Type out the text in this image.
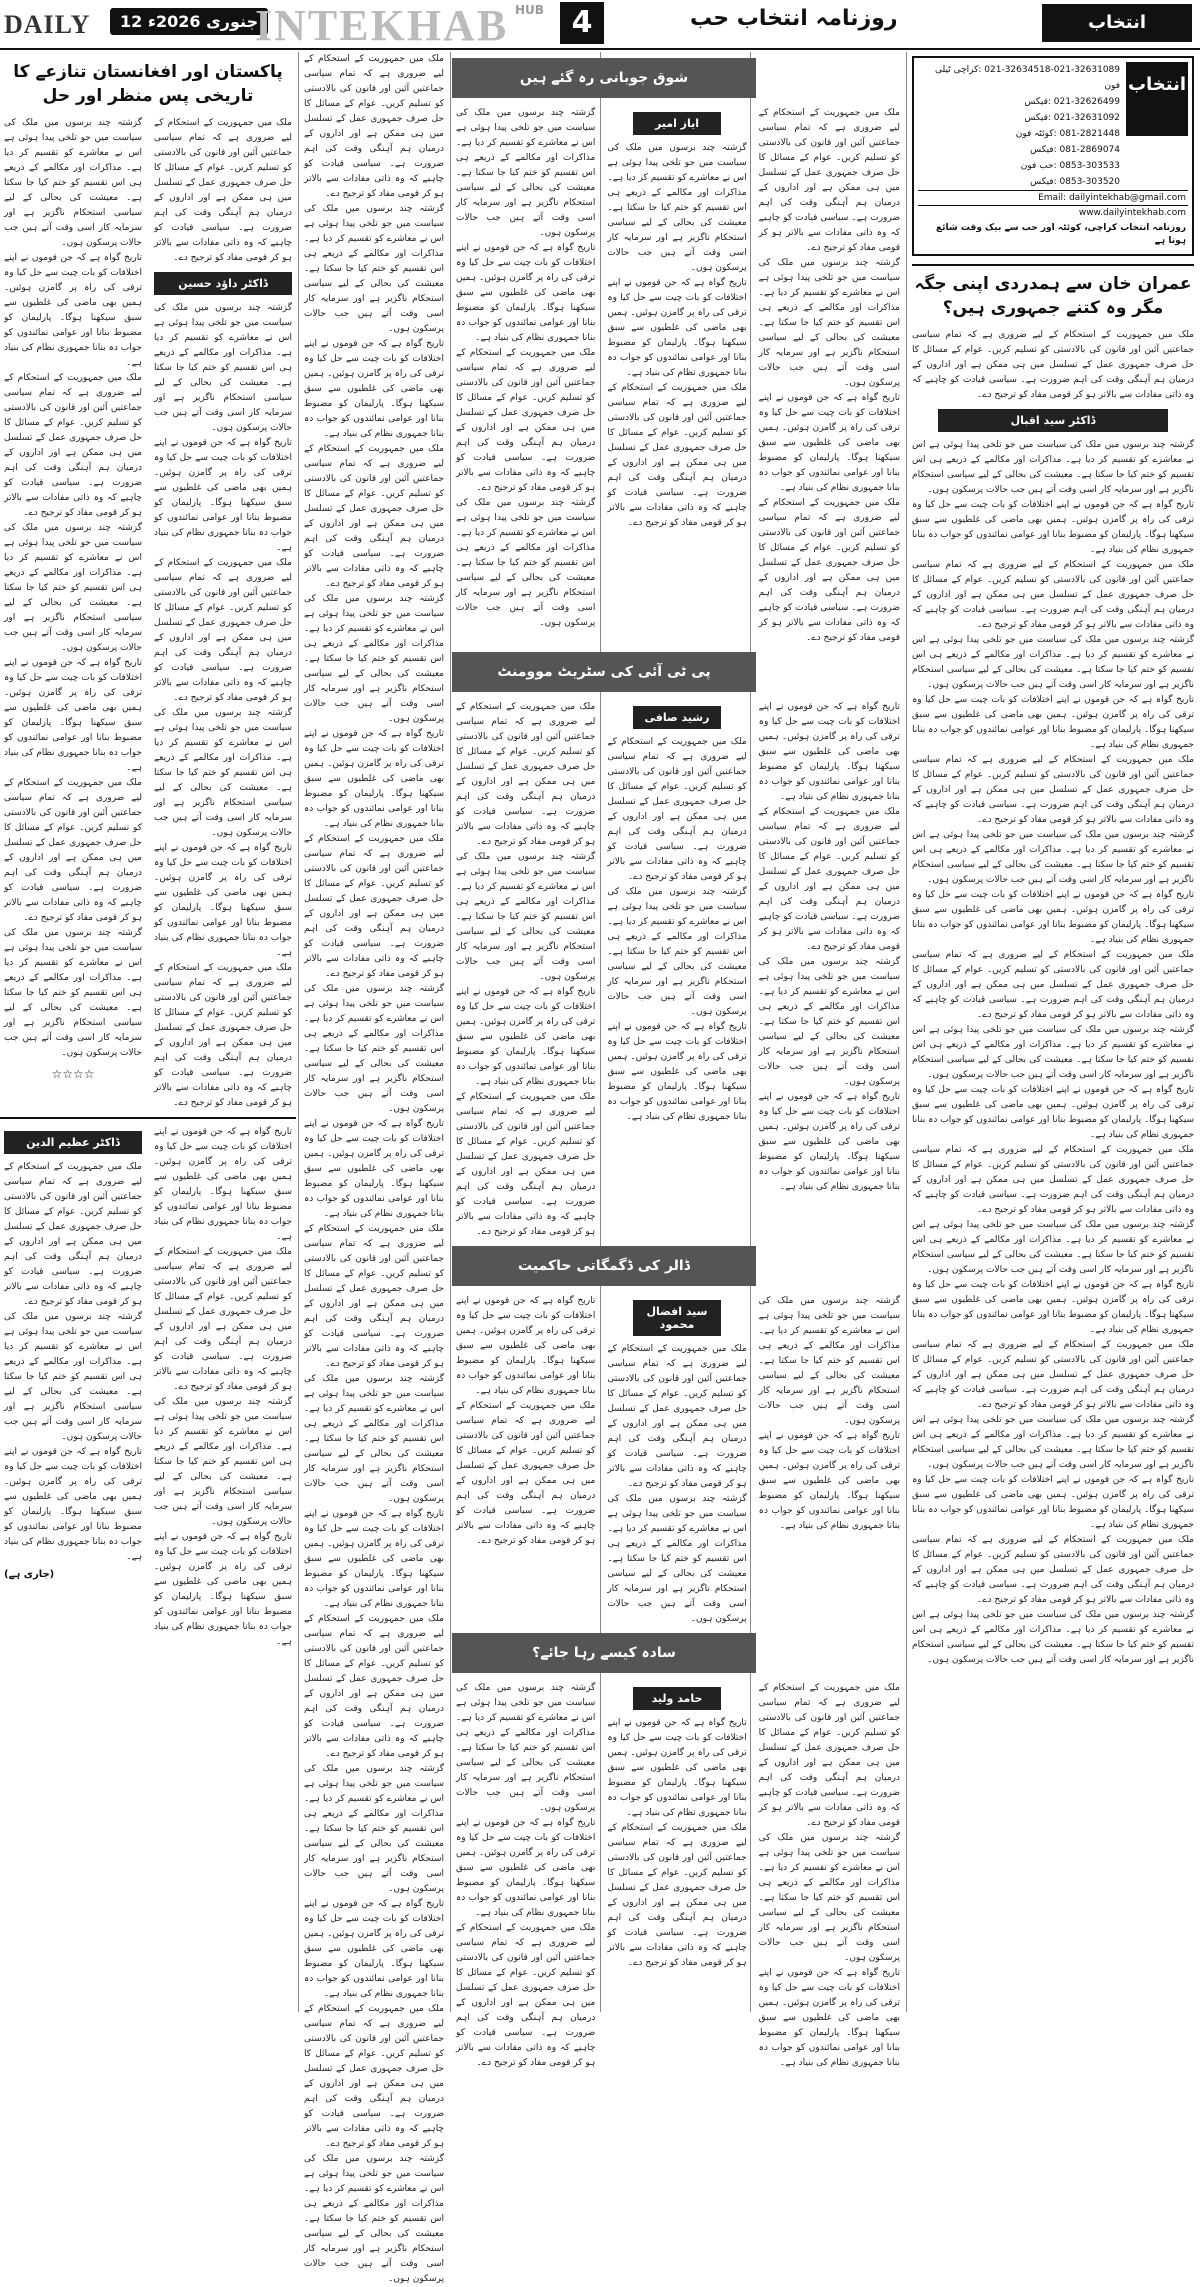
DAILY	12 جنوری 2026ء
INTEKHAB HUB 4	روزنامہ انتخاب حب	انتخاب
انتخاب
021-32634518-021-32631089 :کراچی ٹیلی فون
021-32626499 :فیکس
021-32631092 :فیکس
081-2821448 :کوئٹہ فون
081-2869074 :فیکس
0853-303533 :حب فون
0853-303520 :فیکس
Email: dailyintekhab@gmail.com
www.dailyintekhab.com
روزنامہ انتخاب کراچی، کوئٹہ اور حب سے بیک وقت شائع ہوتا ہے
عمران خان سے ہمدردی اپنی جگہ مگر وہ کتنے جمہوری ہیں؟

ملک میں جمہوریت کے استحکام کے لیے ضروری ہے کہ تمام سیاسی جماعتیں آئین اور قانون کی بالادستی کو تسلیم کریں۔ عوام کے مسائل کا حل صرف جمہوری عمل کے تسلسل میں ہی ممکن ہے اور اداروں کے درمیان ہم آہنگی وقت کی اہم ضرورت ہے۔ سیاسی قیادت کو چاہیے کہ وہ ذاتی مفادات سے بالاتر ہو کر قومی مفاد کو ترجیح دے۔

ڈاکٹر سید اقبال

گزشتہ چند برسوں میں ملک کی سیاست میں جو تلخی پیدا ہوئی ہے اس نے معاشرے کو تقسیم کر دیا ہے۔ مذاکرات اور مکالمے کے ذریعے ہی اس تقسیم کو ختم کیا جا سکتا ہے۔ معیشت کی بحالی کے لیے سیاسی استحکام ناگزیر ہے اور سرمایہ کار اسی وقت آتے ہیں جب حالات پرسکون ہوں۔

تاریخ گواہ ہے کہ جن قوموں نے اپنے اختلافات کو بات چیت سے حل کیا وہ ترقی کی راہ پر گامزن ہوئیں۔ ہمیں بھی ماضی کی غلطیوں سے سبق سیکھنا ہوگا۔ پارلیمان کو مضبوط بنانا اور عوامی نمائندوں کو جواب دہ بنانا جمہوری نظام کی بنیاد ہے۔

ملک میں جمہوریت کے استحکام کے لیے ضروری ہے کہ تمام سیاسی جماعتیں آئین اور قانون کی بالادستی کو تسلیم کریں۔ عوام کے مسائل کا حل صرف جمہوری عمل کے تسلسل میں ہی ممکن ہے اور اداروں کے درمیان ہم آہنگی وقت کی اہم ضرورت ہے۔ سیاسی قیادت کو چاہیے کہ وہ ذاتی مفادات سے بالاتر ہو کر قومی مفاد کو ترجیح دے۔

گزشتہ چند برسوں میں ملک کی سیاست میں جو تلخی پیدا ہوئی ہے اس نے معاشرے کو تقسیم کر دیا ہے۔ مذاکرات اور مکالمے کے ذریعے ہی اس تقسیم کو ختم کیا جا سکتا ہے۔ معیشت کی بحالی کے لیے سیاسی استحکام ناگزیر ہے اور سرمایہ کار اسی وقت آتے ہیں جب حالات پرسکون ہوں۔

تاریخ گواہ ہے کہ جن قوموں نے اپنے اختلافات کو بات چیت سے حل کیا وہ ترقی کی راہ پر گامزن ہوئیں۔ ہمیں بھی ماضی کی غلطیوں سے سبق سیکھنا ہوگا۔ پارلیمان کو مضبوط بنانا اور عوامی نمائندوں کو جواب دہ بنانا جمہوری نظام کی بنیاد ہے۔

ملک میں جمہوریت کے استحکام کے لیے ضروری ہے کہ تمام سیاسی جماعتیں آئین اور قانون کی بالادستی کو تسلیم کریں۔ عوام کے مسائل کا حل صرف جمہوری عمل کے تسلسل میں ہی ممکن ہے اور اداروں کے درمیان ہم آہنگی وقت کی اہم ضرورت ہے۔ سیاسی قیادت کو چاہیے کہ وہ ذاتی مفادات سے بالاتر ہو کر قومی مفاد کو ترجیح دے۔

گزشتہ چند برسوں میں ملک کی سیاست میں جو تلخی پیدا ہوئی ہے اس نے معاشرے کو تقسیم کر دیا ہے۔ مذاکرات اور مکالمے کے ذریعے ہی اس تقسیم کو ختم کیا جا سکتا ہے۔ معیشت کی بحالی کے لیے سیاسی استحکام ناگزیر ہے اور سرمایہ کار اسی وقت آتے ہیں جب حالات پرسکون ہوں۔

تاریخ گواہ ہے کہ جن قوموں نے اپنے اختلافات کو بات چیت سے حل کیا وہ ترقی کی راہ پر گامزن ہوئیں۔ ہمیں بھی ماضی کی غلطیوں سے سبق سیکھنا ہوگا۔ پارلیمان کو مضبوط بنانا اور عوامی نمائندوں کو جواب دہ بنانا جمہوری نظام کی بنیاد ہے۔

ملک میں جمہوریت کے استحکام کے لیے ضروری ہے کہ تمام سیاسی جماعتیں آئین اور قانون کی بالادستی کو تسلیم کریں۔ عوام کے مسائل کا حل صرف جمہوری عمل کے تسلسل میں ہی ممکن ہے اور اداروں کے درمیان ہم آہنگی وقت کی اہم ضرورت ہے۔ سیاسی قیادت کو چاہیے کہ وہ ذاتی مفادات سے بالاتر ہو کر قومی مفاد کو ترجیح دے۔

گزشتہ چند برسوں میں ملک کی سیاست میں جو تلخی پیدا ہوئی ہے اس نے معاشرے کو تقسیم کر دیا ہے۔ مذاکرات اور مکالمے کے ذریعے ہی اس تقسیم کو ختم کیا جا سکتا ہے۔ معیشت کی بحالی کے لیے سیاسی استحکام ناگزیر ہے اور سرمایہ کار اسی وقت آتے ہیں جب حالات پرسکون ہوں۔

تاریخ گواہ ہے کہ جن قوموں نے اپنے اختلافات کو بات چیت سے حل کیا وہ ترقی کی راہ پر گامزن ہوئیں۔ ہمیں بھی ماضی کی غلطیوں سے سبق سیکھنا ہوگا۔ پارلیمان کو مضبوط بنانا اور عوامی نمائندوں کو جواب دہ بنانا جمہوری نظام کی بنیاد ہے۔

ملک میں جمہوریت کے استحکام کے لیے ضروری ہے کہ تمام سیاسی جماعتیں آئین اور قانون کی بالادستی کو تسلیم کریں۔ عوام کے مسائل کا حل صرف جمہوری عمل کے تسلسل میں ہی ممکن ہے اور اداروں کے درمیان ہم آہنگی وقت کی اہم ضرورت ہے۔ سیاسی قیادت کو چاہیے کہ وہ ذاتی مفادات سے بالاتر ہو کر قومی مفاد کو ترجیح دے۔

گزشتہ چند برسوں میں ملک کی سیاست میں جو تلخی پیدا ہوئی ہے اس نے معاشرے کو تقسیم کر دیا ہے۔ مذاکرات اور مکالمے کے ذریعے ہی اس تقسیم کو ختم کیا جا سکتا ہے۔ معیشت کی بحالی کے لیے سیاسی استحکام ناگزیر ہے اور سرمایہ کار اسی وقت آتے ہیں جب حالات پرسکون ہوں۔

تاریخ گواہ ہے کہ جن قوموں نے اپنے اختلافات کو بات چیت سے حل کیا وہ ترقی کی راہ پر گامزن ہوئیں۔ ہمیں بھی ماضی کی غلطیوں سے سبق سیکھنا ہوگا۔ پارلیمان کو مضبوط بنانا اور عوامی نمائندوں کو جواب دہ بنانا جمہوری نظام کی بنیاد ہے۔

ملک میں جمہوریت کے استحکام کے لیے ضروری ہے کہ تمام سیاسی جماعتیں آئین اور قانون کی بالادستی کو تسلیم کریں۔ عوام کے مسائل کا حل صرف جمہوری عمل کے تسلسل میں ہی ممکن ہے اور اداروں کے درمیان ہم آہنگی وقت کی اہم ضرورت ہے۔ سیاسی قیادت کو چاہیے کہ وہ ذاتی مفادات سے بالاتر ہو کر قومی مفاد کو ترجیح دے۔

گزشتہ چند برسوں میں ملک کی سیاست میں جو تلخی پیدا ہوئی ہے اس نے معاشرے کو تقسیم کر دیا ہے۔ مذاکرات اور مکالمے کے ذریعے ہی اس تقسیم کو ختم کیا جا سکتا ہے۔ معیشت کی بحالی کے لیے سیاسی استحکام ناگزیر ہے اور سرمایہ کار اسی وقت آتے ہیں جب حالات پرسکون ہوں۔

تاریخ گواہ ہے کہ جن قوموں نے اپنے اختلافات کو بات چیت سے حل کیا وہ ترقی کی راہ پر گامزن ہوئیں۔ ہمیں بھی ماضی کی غلطیوں سے سبق سیکھنا ہوگا۔ پارلیمان کو مضبوط بنانا اور عوامی نمائندوں کو جواب دہ بنانا جمہوری نظام کی بنیاد ہے۔

ملک میں جمہوریت کے استحکام کے لیے ضروری ہے کہ تمام سیاسی جماعتیں آئین اور قانون کی بالادستی کو تسلیم کریں۔ عوام کے مسائل کا حل صرف جمہوری عمل کے تسلسل میں ہی ممکن ہے اور اداروں کے درمیان ہم آہنگی وقت کی اہم ضرورت ہے۔ سیاسی قیادت کو چاہیے کہ وہ ذاتی مفادات سے بالاتر ہو کر قومی مفاد کو ترجیح دے۔

گزشتہ چند برسوں میں ملک کی سیاست میں جو تلخی پیدا ہوئی ہے اس نے معاشرے کو تقسیم کر دیا ہے۔ مذاکرات اور مکالمے کے ذریعے ہی اس تقسیم کو ختم کیا جا سکتا ہے۔ معیشت کی بحالی کے لیے سیاسی استحکام ناگزیر ہے اور سرمایہ کار اسی وقت آتے ہیں جب حالات پرسکون ہوں۔

شوق جوبانی رہ گئے ہیں

ملک میں جمہوریت کے استحکام کے لیے ضروری ہے کہ تمام سیاسی جماعتیں آئین اور قانون کی بالادستی کو تسلیم کریں۔ عوام کے مسائل کا حل صرف جمہوری عمل کے تسلسل میں ہی ممکن ہے اور اداروں کے درمیان ہم آہنگی وقت کی اہم ضرورت ہے۔ سیاسی قیادت کو چاہیے کہ وہ ذاتی مفادات سے بالاتر ہو کر قومی مفاد کو ترجیح دے۔

گزشتہ چند برسوں میں ملک کی سیاست میں جو تلخی پیدا ہوئی ہے اس نے معاشرے کو تقسیم کر دیا ہے۔ مذاکرات اور مکالمے کے ذریعے ہی اس تقسیم کو ختم کیا جا سکتا ہے۔ معیشت کی بحالی کے لیے سیاسی استحکام ناگزیر ہے اور سرمایہ کار اسی وقت آتے ہیں جب حالات پرسکون ہوں۔

تاریخ گواہ ہے کہ جن قوموں نے اپنے اختلافات کو بات چیت سے حل کیا وہ ترقی کی راہ پر گامزن ہوئیں۔ ہمیں بھی ماضی کی غلطیوں سے سبق سیکھنا ہوگا۔ پارلیمان کو مضبوط بنانا اور عوامی نمائندوں کو جواب دہ بنانا جمہوری نظام کی بنیاد ہے۔

ملک میں جمہوریت کے استحکام کے لیے ضروری ہے کہ تمام سیاسی جماعتیں آئین اور قانون کی بالادستی کو تسلیم کریں۔ عوام کے مسائل کا حل صرف جمہوری عمل کے تسلسل میں ہی ممکن ہے اور اداروں کے درمیان ہم آہنگی وقت کی اہم ضرورت ہے۔ سیاسی قیادت کو چاہیے کہ وہ ذاتی مفادات سے بالاتر ہو کر قومی مفاد کو ترجیح دے۔

ایاز امیر

گزشتہ چند برسوں میں ملک کی سیاست میں جو تلخی پیدا ہوئی ہے اس نے معاشرے کو تقسیم کر دیا ہے۔ مذاکرات اور مکالمے کے ذریعے ہی اس تقسیم کو ختم کیا جا سکتا ہے۔ معیشت کی بحالی کے لیے سیاسی استحکام ناگزیر ہے اور سرمایہ کار اسی وقت آتے ہیں جب حالات پرسکون ہوں۔

تاریخ گواہ ہے کہ جن قوموں نے اپنے اختلافات کو بات چیت سے حل کیا وہ ترقی کی راہ پر گامزن ہوئیں۔ ہمیں بھی ماضی کی غلطیوں سے سبق سیکھنا ہوگا۔ پارلیمان کو مضبوط بنانا اور عوامی نمائندوں کو جواب دہ بنانا جمہوری نظام کی بنیاد ہے۔

ملک میں جمہوریت کے استحکام کے لیے ضروری ہے کہ تمام سیاسی جماعتیں آئین اور قانون کی بالادستی کو تسلیم کریں۔ عوام کے مسائل کا حل صرف جمہوری عمل کے تسلسل میں ہی ممکن ہے اور اداروں کے درمیان ہم آہنگی وقت کی اہم ضرورت ہے۔ سیاسی قیادت کو چاہیے کہ وہ ذاتی مفادات سے بالاتر ہو کر قومی مفاد کو ترجیح دے۔

گزشتہ چند برسوں میں ملک کی سیاست میں جو تلخی پیدا ہوئی ہے اس نے معاشرے کو تقسیم کر دیا ہے۔ مذاکرات اور مکالمے کے ذریعے ہی اس تقسیم کو ختم کیا جا سکتا ہے۔ معیشت کی بحالی کے لیے سیاسی استحکام ناگزیر ہے اور سرمایہ کار اسی وقت آتے ہیں جب حالات پرسکون ہوں۔

تاریخ گواہ ہے کہ جن قوموں نے اپنے اختلافات کو بات چیت سے حل کیا وہ ترقی کی راہ پر گامزن ہوئیں۔ ہمیں بھی ماضی کی غلطیوں سے سبق سیکھنا ہوگا۔ پارلیمان کو مضبوط بنانا اور عوامی نمائندوں کو جواب دہ بنانا جمہوری نظام کی بنیاد ہے۔

ملک میں جمہوریت کے استحکام کے لیے ضروری ہے کہ تمام سیاسی جماعتیں آئین اور قانون کی بالادستی کو تسلیم کریں۔ عوام کے مسائل کا حل صرف جمہوری عمل کے تسلسل میں ہی ممکن ہے اور اداروں کے درمیان ہم آہنگی وقت کی اہم ضرورت ہے۔ سیاسی قیادت کو چاہیے کہ وہ ذاتی مفادات سے بالاتر ہو کر قومی مفاد کو ترجیح دے۔

گزشتہ چند برسوں میں ملک کی سیاست میں جو تلخی پیدا ہوئی ہے اس نے معاشرے کو تقسیم کر دیا ہے۔ مذاکرات اور مکالمے کے ذریعے ہی اس تقسیم کو ختم کیا جا سکتا ہے۔ معیشت کی بحالی کے لیے سیاسی استحکام ناگزیر ہے اور سرمایہ کار اسی وقت آتے ہیں جب حالات پرسکون ہوں۔

پی ٹی آئی کی سٹریٹ موومنٹ

تاریخ گواہ ہے کہ جن قوموں نے اپنے اختلافات کو بات چیت سے حل کیا وہ ترقی کی راہ پر گامزن ہوئیں۔ ہمیں بھی ماضی کی غلطیوں سے سبق سیکھنا ہوگا۔ پارلیمان کو مضبوط بنانا اور عوامی نمائندوں کو جواب دہ بنانا جمہوری نظام کی بنیاد ہے۔

ملک میں جمہوریت کے استحکام کے لیے ضروری ہے کہ تمام سیاسی جماعتیں آئین اور قانون کی بالادستی کو تسلیم کریں۔ عوام کے مسائل کا حل صرف جمہوری عمل کے تسلسل میں ہی ممکن ہے اور اداروں کے درمیان ہم آہنگی وقت کی اہم ضرورت ہے۔ سیاسی قیادت کو چاہیے کہ وہ ذاتی مفادات سے بالاتر ہو کر قومی مفاد کو ترجیح دے۔

گزشتہ چند برسوں میں ملک کی سیاست میں جو تلخی پیدا ہوئی ہے اس نے معاشرے کو تقسیم کر دیا ہے۔ مذاکرات اور مکالمے کے ذریعے ہی اس تقسیم کو ختم کیا جا سکتا ہے۔ معیشت کی بحالی کے لیے سیاسی استحکام ناگزیر ہے اور سرمایہ کار اسی وقت آتے ہیں جب حالات پرسکون ہوں۔

تاریخ گواہ ہے کہ جن قوموں نے اپنے اختلافات کو بات چیت سے حل کیا وہ ترقی کی راہ پر گامزن ہوئیں۔ ہمیں بھی ماضی کی غلطیوں سے سبق سیکھنا ہوگا۔ پارلیمان کو مضبوط بنانا اور عوامی نمائندوں کو جواب دہ بنانا جمہوری نظام کی بنیاد ہے۔

رشید صافی

ملک میں جمہوریت کے استحکام کے لیے ضروری ہے کہ تمام سیاسی جماعتیں آئین اور قانون کی بالادستی کو تسلیم کریں۔ عوام کے مسائل کا حل صرف جمہوری عمل کے تسلسل میں ہی ممکن ہے اور اداروں کے درمیان ہم آہنگی وقت کی اہم ضرورت ہے۔ سیاسی قیادت کو چاہیے کہ وہ ذاتی مفادات سے بالاتر ہو کر قومی مفاد کو ترجیح دے۔

گزشتہ چند برسوں میں ملک کی سیاست میں جو تلخی پیدا ہوئی ہے اس نے معاشرے کو تقسیم کر دیا ہے۔ مذاکرات اور مکالمے کے ذریعے ہی اس تقسیم کو ختم کیا جا سکتا ہے۔ معیشت کی بحالی کے لیے سیاسی استحکام ناگزیر ہے اور سرمایہ کار اسی وقت آتے ہیں جب حالات پرسکون ہوں۔

تاریخ گواہ ہے کہ جن قوموں نے اپنے اختلافات کو بات چیت سے حل کیا وہ ترقی کی راہ پر گامزن ہوئیں۔ ہمیں بھی ماضی کی غلطیوں سے سبق سیکھنا ہوگا۔ پارلیمان کو مضبوط بنانا اور عوامی نمائندوں کو جواب دہ بنانا جمہوری نظام کی بنیاد ہے۔

ملک میں جمہوریت کے استحکام کے لیے ضروری ہے کہ تمام سیاسی جماعتیں آئین اور قانون کی بالادستی کو تسلیم کریں۔ عوام کے مسائل کا حل صرف جمہوری عمل کے تسلسل میں ہی ممکن ہے اور اداروں کے درمیان ہم آہنگی وقت کی اہم ضرورت ہے۔ سیاسی قیادت کو چاہیے کہ وہ ذاتی مفادات سے بالاتر ہو کر قومی مفاد کو ترجیح دے۔

گزشتہ چند برسوں میں ملک کی سیاست میں جو تلخی پیدا ہوئی ہے اس نے معاشرے کو تقسیم کر دیا ہے۔ مذاکرات اور مکالمے کے ذریعے ہی اس تقسیم کو ختم کیا جا سکتا ہے۔ معیشت کی بحالی کے لیے سیاسی استحکام ناگزیر ہے اور سرمایہ کار اسی وقت آتے ہیں جب حالات پرسکون ہوں۔

تاریخ گواہ ہے کہ جن قوموں نے اپنے اختلافات کو بات چیت سے حل کیا وہ ترقی کی راہ پر گامزن ہوئیں۔ ہمیں بھی ماضی کی غلطیوں سے سبق سیکھنا ہوگا۔ پارلیمان کو مضبوط بنانا اور عوامی نمائندوں کو جواب دہ بنانا جمہوری نظام کی بنیاد ہے۔

ملک میں جمہوریت کے استحکام کے لیے ضروری ہے کہ تمام سیاسی جماعتیں آئین اور قانون کی بالادستی کو تسلیم کریں۔ عوام کے مسائل کا حل صرف جمہوری عمل کے تسلسل میں ہی ممکن ہے اور اداروں کے درمیان ہم آہنگی وقت کی اہم ضرورت ہے۔ سیاسی قیادت کو چاہیے کہ وہ ذاتی مفادات سے بالاتر ہو کر قومی مفاد کو ترجیح دے۔

ڈالر کی ڈگمگاتی حاکمیت

گزشتہ چند برسوں میں ملک کی سیاست میں جو تلخی پیدا ہوئی ہے اس نے معاشرے کو تقسیم کر دیا ہے۔ مذاکرات اور مکالمے کے ذریعے ہی اس تقسیم کو ختم کیا جا سکتا ہے۔ معیشت کی بحالی کے لیے سیاسی استحکام ناگزیر ہے اور سرمایہ کار اسی وقت آتے ہیں جب حالات پرسکون ہوں۔

تاریخ گواہ ہے کہ جن قوموں نے اپنے اختلافات کو بات چیت سے حل کیا وہ ترقی کی راہ پر گامزن ہوئیں۔ ہمیں بھی ماضی کی غلطیوں سے سبق سیکھنا ہوگا۔ پارلیمان کو مضبوط بنانا اور عوامی نمائندوں کو جواب دہ بنانا جمہوری نظام کی بنیاد ہے۔

سید افضال محمود

ملک میں جمہوریت کے استحکام کے لیے ضروری ہے کہ تمام سیاسی جماعتیں آئین اور قانون کی بالادستی کو تسلیم کریں۔ عوام کے مسائل کا حل صرف جمہوری عمل کے تسلسل میں ہی ممکن ہے اور اداروں کے درمیان ہم آہنگی وقت کی اہم ضرورت ہے۔ سیاسی قیادت کو چاہیے کہ وہ ذاتی مفادات سے بالاتر ہو کر قومی مفاد کو ترجیح دے۔

گزشتہ چند برسوں میں ملک کی سیاست میں جو تلخی پیدا ہوئی ہے اس نے معاشرے کو تقسیم کر دیا ہے۔ مذاکرات اور مکالمے کے ذریعے ہی اس تقسیم کو ختم کیا جا سکتا ہے۔ معیشت کی بحالی کے لیے سیاسی استحکام ناگزیر ہے اور سرمایہ کار اسی وقت آتے ہیں جب حالات پرسکون ہوں۔

تاریخ گواہ ہے کہ جن قوموں نے اپنے اختلافات کو بات چیت سے حل کیا وہ ترقی کی راہ پر گامزن ہوئیں۔ ہمیں بھی ماضی کی غلطیوں سے سبق سیکھنا ہوگا۔ پارلیمان کو مضبوط بنانا اور عوامی نمائندوں کو جواب دہ بنانا جمہوری نظام کی بنیاد ہے۔

ملک میں جمہوریت کے استحکام کے لیے ضروری ہے کہ تمام سیاسی جماعتیں آئین اور قانون کی بالادستی کو تسلیم کریں۔ عوام کے مسائل کا حل صرف جمہوری عمل کے تسلسل میں ہی ممکن ہے اور اداروں کے درمیان ہم آہنگی وقت کی اہم ضرورت ہے۔ سیاسی قیادت کو چاہیے کہ وہ ذاتی مفادات سے بالاتر ہو کر قومی مفاد کو ترجیح دے۔

سادہ کیسے رہا جائے؟

ملک میں جمہوریت کے استحکام کے لیے ضروری ہے کہ تمام سیاسی جماعتیں آئین اور قانون کی بالادستی کو تسلیم کریں۔ عوام کے مسائل کا حل صرف جمہوری عمل کے تسلسل میں ہی ممکن ہے اور اداروں کے درمیان ہم آہنگی وقت کی اہم ضرورت ہے۔ سیاسی قیادت کو چاہیے کہ وہ ذاتی مفادات سے بالاتر ہو کر قومی مفاد کو ترجیح دے۔

گزشتہ چند برسوں میں ملک کی سیاست میں جو تلخی پیدا ہوئی ہے اس نے معاشرے کو تقسیم کر دیا ہے۔ مذاکرات اور مکالمے کے ذریعے ہی اس تقسیم کو ختم کیا جا سکتا ہے۔ معیشت کی بحالی کے لیے سیاسی استحکام ناگزیر ہے اور سرمایہ کار اسی وقت آتے ہیں جب حالات پرسکون ہوں۔

تاریخ گواہ ہے کہ جن قوموں نے اپنے اختلافات کو بات چیت سے حل کیا وہ ترقی کی راہ پر گامزن ہوئیں۔ ہمیں بھی ماضی کی غلطیوں سے سبق سیکھنا ہوگا۔ پارلیمان کو مضبوط بنانا اور عوامی نمائندوں کو جواب دہ بنانا جمہوری نظام کی بنیاد ہے۔

حامد ولید

تاریخ گواہ ہے کہ جن قوموں نے اپنے اختلافات کو بات چیت سے حل کیا وہ ترقی کی راہ پر گامزن ہوئیں۔ ہمیں بھی ماضی کی غلطیوں سے سبق سیکھنا ہوگا۔ پارلیمان کو مضبوط بنانا اور عوامی نمائندوں کو جواب دہ بنانا جمہوری نظام کی بنیاد ہے۔

ملک میں جمہوریت کے استحکام کے لیے ضروری ہے کہ تمام سیاسی جماعتیں آئین اور قانون کی بالادستی کو تسلیم کریں۔ عوام کے مسائل کا حل صرف جمہوری عمل کے تسلسل میں ہی ممکن ہے اور اداروں کے درمیان ہم آہنگی وقت کی اہم ضرورت ہے۔ سیاسی قیادت کو چاہیے کہ وہ ذاتی مفادات سے بالاتر ہو کر قومی مفاد کو ترجیح دے۔

گزشتہ چند برسوں میں ملک کی سیاست میں جو تلخی پیدا ہوئی ہے اس نے معاشرے کو تقسیم کر دیا ہے۔ مذاکرات اور مکالمے کے ذریعے ہی اس تقسیم کو ختم کیا جا سکتا ہے۔ معیشت کی بحالی کے لیے سیاسی استحکام ناگزیر ہے اور سرمایہ کار اسی وقت آتے ہیں جب حالات پرسکون ہوں۔

تاریخ گواہ ہے کہ جن قوموں نے اپنے اختلافات کو بات چیت سے حل کیا وہ ترقی کی راہ پر گامزن ہوئیں۔ ہمیں بھی ماضی کی غلطیوں سے سبق سیکھنا ہوگا۔ پارلیمان کو مضبوط بنانا اور عوامی نمائندوں کو جواب دہ بنانا جمہوری نظام کی بنیاد ہے۔

ملک میں جمہوریت کے استحکام کے لیے ضروری ہے کہ تمام سیاسی جماعتیں آئین اور قانون کی بالادستی کو تسلیم کریں۔ عوام کے مسائل کا حل صرف جمہوری عمل کے تسلسل میں ہی ممکن ہے اور اداروں کے درمیان ہم آہنگی وقت کی اہم ضرورت ہے۔ سیاسی قیادت کو چاہیے کہ وہ ذاتی مفادات سے بالاتر ہو کر قومی مفاد کو ترجیح دے۔

ملک میں جمہوریت کے استحکام کے لیے ضروری ہے کہ تمام سیاسی جماعتیں آئین اور قانون کی بالادستی کو تسلیم کریں۔ عوام کے مسائل کا حل صرف جمہوری عمل کے تسلسل میں ہی ممکن ہے اور اداروں کے درمیان ہم آہنگی وقت کی اہم ضرورت ہے۔ سیاسی قیادت کو چاہیے کہ وہ ذاتی مفادات سے بالاتر ہو کر قومی مفاد کو ترجیح دے۔

گزشتہ چند برسوں میں ملک کی سیاست میں جو تلخی پیدا ہوئی ہے اس نے معاشرے کو تقسیم کر دیا ہے۔ مذاکرات اور مکالمے کے ذریعے ہی اس تقسیم کو ختم کیا جا سکتا ہے۔ معیشت کی بحالی کے لیے سیاسی استحکام ناگزیر ہے اور سرمایہ کار اسی وقت آتے ہیں جب حالات پرسکون ہوں۔

تاریخ گواہ ہے کہ جن قوموں نے اپنے اختلافات کو بات چیت سے حل کیا وہ ترقی کی راہ پر گامزن ہوئیں۔ ہمیں بھی ماضی کی غلطیوں سے سبق سیکھنا ہوگا۔ پارلیمان کو مضبوط بنانا اور عوامی نمائندوں کو جواب دہ بنانا جمہوری نظام کی بنیاد ہے۔

ملک میں جمہوریت کے استحکام کے لیے ضروری ہے کہ تمام سیاسی جماعتیں آئین اور قانون کی بالادستی کو تسلیم کریں۔ عوام کے مسائل کا حل صرف جمہوری عمل کے تسلسل میں ہی ممکن ہے اور اداروں کے درمیان ہم آہنگی وقت کی اہم ضرورت ہے۔ سیاسی قیادت کو چاہیے کہ وہ ذاتی مفادات سے بالاتر ہو کر قومی مفاد کو ترجیح دے۔

گزشتہ چند برسوں میں ملک کی سیاست میں جو تلخی پیدا ہوئی ہے اس نے معاشرے کو تقسیم کر دیا ہے۔ مذاکرات اور مکالمے کے ذریعے ہی اس تقسیم کو ختم کیا جا سکتا ہے۔ معیشت کی بحالی کے لیے سیاسی استحکام ناگزیر ہے اور سرمایہ کار اسی وقت آتے ہیں جب حالات پرسکون ہوں۔

تاریخ گواہ ہے کہ جن قوموں نے اپنے اختلافات کو بات چیت سے حل کیا وہ ترقی کی راہ پر گامزن ہوئیں۔ ہمیں بھی ماضی کی غلطیوں سے سبق سیکھنا ہوگا۔ پارلیمان کو مضبوط بنانا اور عوامی نمائندوں کو جواب دہ بنانا جمہوری نظام کی بنیاد ہے۔

ملک میں جمہوریت کے استحکام کے لیے ضروری ہے کہ تمام سیاسی جماعتیں آئین اور قانون کی بالادستی کو تسلیم کریں۔ عوام کے مسائل کا حل صرف جمہوری عمل کے تسلسل میں ہی ممکن ہے اور اداروں کے درمیان ہم آہنگی وقت کی اہم ضرورت ہے۔ سیاسی قیادت کو چاہیے کہ وہ ذاتی مفادات سے بالاتر ہو کر قومی مفاد کو ترجیح دے۔

گزشتہ چند برسوں میں ملک کی سیاست میں جو تلخی پیدا ہوئی ہے اس نے معاشرے کو تقسیم کر دیا ہے۔ مذاکرات اور مکالمے کے ذریعے ہی اس تقسیم کو ختم کیا جا سکتا ہے۔ معیشت کی بحالی کے لیے سیاسی استحکام ناگزیر ہے اور سرمایہ کار اسی وقت آتے ہیں جب حالات پرسکون ہوں۔

تاریخ گواہ ہے کہ جن قوموں نے اپنے اختلافات کو بات چیت سے حل کیا وہ ترقی کی راہ پر گامزن ہوئیں۔ ہمیں بھی ماضی کی غلطیوں سے سبق سیکھنا ہوگا۔ پارلیمان کو مضبوط بنانا اور عوامی نمائندوں کو جواب دہ بنانا جمہوری نظام کی بنیاد ہے۔

ملک میں جمہوریت کے استحکام کے لیے ضروری ہے کہ تمام سیاسی جماعتیں آئین اور قانون کی بالادستی کو تسلیم کریں۔ عوام کے مسائل کا حل صرف جمہوری عمل کے تسلسل میں ہی ممکن ہے اور اداروں کے درمیان ہم آہنگی وقت کی اہم ضرورت ہے۔ سیاسی قیادت کو چاہیے کہ وہ ذاتی مفادات سے بالاتر ہو کر قومی مفاد کو ترجیح دے۔

گزشتہ چند برسوں میں ملک کی سیاست میں جو تلخی پیدا ہوئی ہے اس نے معاشرے کو تقسیم کر دیا ہے۔ مذاکرات اور مکالمے کے ذریعے ہی اس تقسیم کو ختم کیا جا سکتا ہے۔ معیشت کی بحالی کے لیے سیاسی استحکام ناگزیر ہے اور سرمایہ کار اسی وقت آتے ہیں جب حالات پرسکون ہوں۔

تاریخ گواہ ہے کہ جن قوموں نے اپنے اختلافات کو بات چیت سے حل کیا وہ ترقی کی راہ پر گامزن ہوئیں۔ ہمیں بھی ماضی کی غلطیوں سے سبق سیکھنا ہوگا۔ پارلیمان کو مضبوط بنانا اور عوامی نمائندوں کو جواب دہ بنانا جمہوری نظام کی بنیاد ہے۔

ملک میں جمہوریت کے استحکام کے لیے ضروری ہے کہ تمام سیاسی جماعتیں آئین اور قانون کی بالادستی کو تسلیم کریں۔ عوام کے مسائل کا حل صرف جمہوری عمل کے تسلسل میں ہی ممکن ہے اور اداروں کے درمیان ہم آہنگی وقت کی اہم ضرورت ہے۔ سیاسی قیادت کو چاہیے کہ وہ ذاتی مفادات سے بالاتر ہو کر قومی مفاد کو ترجیح دے۔

گزشتہ چند برسوں میں ملک کی سیاست میں جو تلخی پیدا ہوئی ہے اس نے معاشرے کو تقسیم کر دیا ہے۔ مذاکرات اور مکالمے کے ذریعے ہی اس تقسیم کو ختم کیا جا سکتا ہے۔ معیشت کی بحالی کے لیے سیاسی استحکام ناگزیر ہے اور سرمایہ کار اسی وقت آتے ہیں جب حالات پرسکون ہوں۔

تاریخ گواہ ہے کہ جن قوموں نے اپنے اختلافات کو بات چیت سے حل کیا وہ ترقی کی راہ پر گامزن ہوئیں۔ ہمیں بھی ماضی کی غلطیوں سے سبق سیکھنا ہوگا۔ پارلیمان کو مضبوط بنانا اور عوامی نمائندوں کو جواب دہ بنانا جمہوری نظام کی بنیاد ہے۔

ملک میں جمہوریت کے استحکام کے لیے ضروری ہے کہ تمام سیاسی جماعتیں آئین اور قانون کی بالادستی کو تسلیم کریں۔ عوام کے مسائل کا حل صرف جمہوری عمل کے تسلسل میں ہی ممکن ہے اور اداروں کے درمیان ہم آہنگی وقت کی اہم ضرورت ہے۔ سیاسی قیادت کو چاہیے کہ وہ ذاتی مفادات سے بالاتر ہو کر قومی مفاد کو ترجیح دے۔

گزشتہ چند برسوں میں ملک کی سیاست میں جو تلخی پیدا ہوئی ہے اس نے معاشرے کو تقسیم کر دیا ہے۔ مذاکرات اور مکالمے کے ذریعے ہی اس تقسیم کو ختم کیا جا سکتا ہے۔ معیشت کی بحالی کے لیے سیاسی استحکام ناگزیر ہے اور سرمایہ کار اسی وقت آتے ہیں جب حالات پرسکون ہوں۔

پاکستان اور افغانستان تنازعے کا تاریخی پس منظر اور حل

ملک میں جمہوریت کے استحکام کے لیے ضروری ہے کہ تمام سیاسی جماعتیں آئین اور قانون کی بالادستی کو تسلیم کریں۔ عوام کے مسائل کا حل صرف جمہوری عمل کے تسلسل میں ہی ممکن ہے اور اداروں کے درمیان ہم آہنگی وقت کی اہم ضرورت ہے۔ سیاسی قیادت کو چاہیے کہ وہ ذاتی مفادات سے بالاتر ہو کر قومی مفاد کو ترجیح دے۔

ڈاکٹر داؤد حسین

گزشتہ چند برسوں میں ملک کی سیاست میں جو تلخی پیدا ہوئی ہے اس نے معاشرے کو تقسیم کر دیا ہے۔ مذاکرات اور مکالمے کے ذریعے ہی اس تقسیم کو ختم کیا جا سکتا ہے۔ معیشت کی بحالی کے لیے سیاسی استحکام ناگزیر ہے اور سرمایہ کار اسی وقت آتے ہیں جب حالات پرسکون ہوں۔

تاریخ گواہ ہے کہ جن قوموں نے اپنے اختلافات کو بات چیت سے حل کیا وہ ترقی کی راہ پر گامزن ہوئیں۔ ہمیں بھی ماضی کی غلطیوں سے سبق سیکھنا ہوگا۔ پارلیمان کو مضبوط بنانا اور عوامی نمائندوں کو جواب دہ بنانا جمہوری نظام کی بنیاد ہے۔

ملک میں جمہوریت کے استحکام کے لیے ضروری ہے کہ تمام سیاسی جماعتیں آئین اور قانون کی بالادستی کو تسلیم کریں۔ عوام کے مسائل کا حل صرف جمہوری عمل کے تسلسل میں ہی ممکن ہے اور اداروں کے درمیان ہم آہنگی وقت کی اہم ضرورت ہے۔ سیاسی قیادت کو چاہیے کہ وہ ذاتی مفادات سے بالاتر ہو کر قومی مفاد کو ترجیح دے۔

گزشتہ چند برسوں میں ملک کی سیاست میں جو تلخی پیدا ہوئی ہے اس نے معاشرے کو تقسیم کر دیا ہے۔ مذاکرات اور مکالمے کے ذریعے ہی اس تقسیم کو ختم کیا جا سکتا ہے۔ معیشت کی بحالی کے لیے سیاسی استحکام ناگزیر ہے اور سرمایہ کار اسی وقت آتے ہیں جب حالات پرسکون ہوں۔

تاریخ گواہ ہے کہ جن قوموں نے اپنے اختلافات کو بات چیت سے حل کیا وہ ترقی کی راہ پر گامزن ہوئیں۔ ہمیں بھی ماضی کی غلطیوں سے سبق سیکھنا ہوگا۔ پارلیمان کو مضبوط بنانا اور عوامی نمائندوں کو جواب دہ بنانا جمہوری نظام کی بنیاد ہے۔

ملک میں جمہوریت کے استحکام کے لیے ضروری ہے کہ تمام سیاسی جماعتیں آئین اور قانون کی بالادستی کو تسلیم کریں۔ عوام کے مسائل کا حل صرف جمہوری عمل کے تسلسل میں ہی ممکن ہے اور اداروں کے درمیان ہم آہنگی وقت کی اہم ضرورت ہے۔ سیاسی قیادت کو چاہیے کہ وہ ذاتی مفادات سے بالاتر ہو کر قومی مفاد کو ترجیح دے۔

گزشتہ چند برسوں میں ملک کی سیاست میں جو تلخی پیدا ہوئی ہے اس نے معاشرے کو تقسیم کر دیا ہے۔ مذاکرات اور مکالمے کے ذریعے ہی اس تقسیم کو ختم کیا جا سکتا ہے۔ معیشت کی بحالی کے لیے سیاسی استحکام ناگزیر ہے اور سرمایہ کار اسی وقت آتے ہیں جب حالات پرسکون ہوں۔

تاریخ گواہ ہے کہ جن قوموں نے اپنے اختلافات کو بات چیت سے حل کیا وہ ترقی کی راہ پر گامزن ہوئیں۔ ہمیں بھی ماضی کی غلطیوں سے سبق سیکھنا ہوگا۔ پارلیمان کو مضبوط بنانا اور عوامی نمائندوں کو جواب دہ بنانا جمہوری نظام کی بنیاد ہے۔

ملک میں جمہوریت کے استحکام کے لیے ضروری ہے کہ تمام سیاسی جماعتیں آئین اور قانون کی بالادستی کو تسلیم کریں۔ عوام کے مسائل کا حل صرف جمہوری عمل کے تسلسل میں ہی ممکن ہے اور اداروں کے درمیان ہم آہنگی وقت کی اہم ضرورت ہے۔ سیاسی قیادت کو چاہیے کہ وہ ذاتی مفادات سے بالاتر ہو کر قومی مفاد کو ترجیح دے۔

گزشتہ چند برسوں میں ملک کی سیاست میں جو تلخی پیدا ہوئی ہے اس نے معاشرے کو تقسیم کر دیا ہے۔ مذاکرات اور مکالمے کے ذریعے ہی اس تقسیم کو ختم کیا جا سکتا ہے۔ معیشت کی بحالی کے لیے سیاسی استحکام ناگزیر ہے اور سرمایہ کار اسی وقت آتے ہیں جب حالات پرسکون ہوں۔

تاریخ گواہ ہے کہ جن قوموں نے اپنے اختلافات کو بات چیت سے حل کیا وہ ترقی کی راہ پر گامزن ہوئیں۔ ہمیں بھی ماضی کی غلطیوں سے سبق سیکھنا ہوگا۔ پارلیمان کو مضبوط بنانا اور عوامی نمائندوں کو جواب دہ بنانا جمہوری نظام کی بنیاد ہے۔

ملک میں جمہوریت کے استحکام کے لیے ضروری ہے کہ تمام سیاسی جماعتیں آئین اور قانون کی بالادستی کو تسلیم کریں۔ عوام کے مسائل کا حل صرف جمہوری عمل کے تسلسل میں ہی ممکن ہے اور اداروں کے درمیان ہم آہنگی وقت کی اہم ضرورت ہے۔ سیاسی قیادت کو چاہیے کہ وہ ذاتی مفادات سے بالاتر ہو کر قومی مفاد کو ترجیح دے۔

گزشتہ چند برسوں میں ملک کی سیاست میں جو تلخی پیدا ہوئی ہے اس نے معاشرے کو تقسیم کر دیا ہے۔ مذاکرات اور مکالمے کے ذریعے ہی اس تقسیم کو ختم کیا جا سکتا ہے۔ معیشت کی بحالی کے لیے سیاسی استحکام ناگزیر ہے اور سرمایہ کار اسی وقت آتے ہیں جب حالات پرسکون ہوں۔

☆☆☆☆

تاریخ گواہ ہے کہ جن قوموں نے اپنے اختلافات کو بات چیت سے حل کیا وہ ترقی کی راہ پر گامزن ہوئیں۔ ہمیں بھی ماضی کی غلطیوں سے سبق سیکھنا ہوگا۔ پارلیمان کو مضبوط بنانا اور عوامی نمائندوں کو جواب دہ بنانا جمہوری نظام کی بنیاد ہے۔

ملک میں جمہوریت کے استحکام کے لیے ضروری ہے کہ تمام سیاسی جماعتیں آئین اور قانون کی بالادستی کو تسلیم کریں۔ عوام کے مسائل کا حل صرف جمہوری عمل کے تسلسل میں ہی ممکن ہے اور اداروں کے درمیان ہم آہنگی وقت کی اہم ضرورت ہے۔ سیاسی قیادت کو چاہیے کہ وہ ذاتی مفادات سے بالاتر ہو کر قومی مفاد کو ترجیح دے۔

گزشتہ چند برسوں میں ملک کی سیاست میں جو تلخی پیدا ہوئی ہے اس نے معاشرے کو تقسیم کر دیا ہے۔ مذاکرات اور مکالمے کے ذریعے ہی اس تقسیم کو ختم کیا جا سکتا ہے۔ معیشت کی بحالی کے لیے سیاسی استحکام ناگزیر ہے اور سرمایہ کار اسی وقت آتے ہیں جب حالات پرسکون ہوں۔

تاریخ گواہ ہے کہ جن قوموں نے اپنے اختلافات کو بات چیت سے حل کیا وہ ترقی کی راہ پر گامزن ہوئیں۔ ہمیں بھی ماضی کی غلطیوں سے سبق سیکھنا ہوگا۔ پارلیمان کو مضبوط بنانا اور عوامی نمائندوں کو جواب دہ بنانا جمہوری نظام کی بنیاد ہے۔

ڈاکٹر عظیم الدین

ملک میں جمہوریت کے استحکام کے لیے ضروری ہے کہ تمام سیاسی جماعتیں آئین اور قانون کی بالادستی کو تسلیم کریں۔ عوام کے مسائل کا حل صرف جمہوری عمل کے تسلسل میں ہی ممکن ہے اور اداروں کے درمیان ہم آہنگی وقت کی اہم ضرورت ہے۔ سیاسی قیادت کو چاہیے کہ وہ ذاتی مفادات سے بالاتر ہو کر قومی مفاد کو ترجیح دے۔

گزشتہ چند برسوں میں ملک کی سیاست میں جو تلخی پیدا ہوئی ہے اس نے معاشرے کو تقسیم کر دیا ہے۔ مذاکرات اور مکالمے کے ذریعے ہی اس تقسیم کو ختم کیا جا سکتا ہے۔ معیشت کی بحالی کے لیے سیاسی استحکام ناگزیر ہے اور سرمایہ کار اسی وقت آتے ہیں جب حالات پرسکون ہوں۔

تاریخ گواہ ہے کہ جن قوموں نے اپنے اختلافات کو بات چیت سے حل کیا وہ ترقی کی راہ پر گامزن ہوئیں۔ ہمیں بھی ماضی کی غلطیوں سے سبق سیکھنا ہوگا۔ پارلیمان کو مضبوط بنانا اور عوامی نمائندوں کو جواب دہ بنانا جمہوری نظام کی بنیاد ہے۔

(جاری ہے)
